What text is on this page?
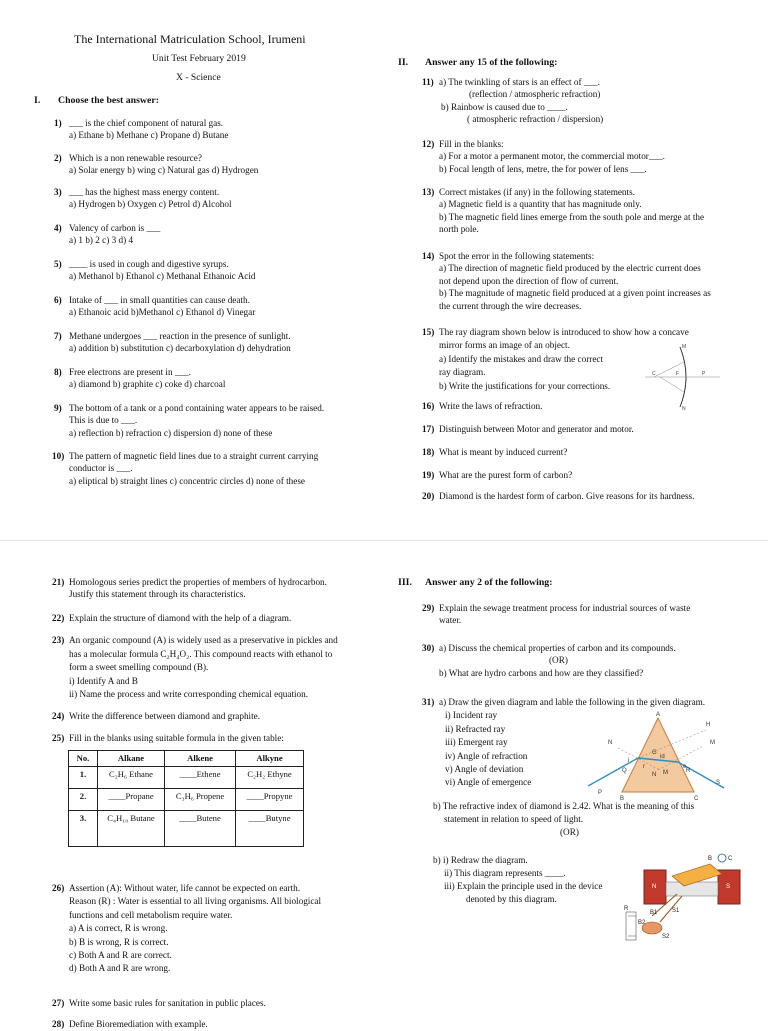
The International Matriculation School, Irumeni
Unit Test February 2019
X - Science
I. Choose the best answer:
1) ___ is the chief component of natural gas.
a) Ethane b) Methane c) Propane d) Butane
2) Which is a non renewable resource?
a) Solar energy b) wing c) Natural gas d) Hydrogen
3) ___ has the highest mass energy content.
a) Hydrogen b) Oxygen c) Petrol d) Alcohol
4) Valency of carbon is ___
a) 1 b) 2 c) 3 d) 4
5) ____ is used in cough and digestive syrups.
a) Methanol b) Ethanol c) Methanal Ethanoic Acid
6) Intake of ___ in small quantities can cause death.
a) Ethanoic acid b)Methanol c) Ethanol d) Vinegar
7) Methane undergoes ___ reaction in the presence of sunlight.
a) addition b) substitution c) decarboxylation d) dehydration
8) Free electrons are present in ___.
a) diamond b) graphite c) coke d) charcoal
9) The bottom of a tank or a pond containing water appears to be raised.
This is due to ___.
a) reflection b) refraction c) dispersion d) none of these
10) The pattern of magnetic field lines due to a straight current carrying
conductor is ___.
a) eliptical b) straight lines c) concentric circles d) none of these
II. Answer any 15 of the following:
11) a) The twinkling of stars is an effect of ___.
(reflection / atmospheric refraction)
b) Rainbow is caused due to ____.
( atmospheric refraction / dispersion)
12) Fill in the blanks:
a) For a motor a permanent motor, the commercial motor___.
b) Focal length of lens, metre, the for power of lens ___.
13) Correct mistakes (if any) in the following statements.
a) Magnetic field is a quantity that has magnitude only.
b) The magnetic field lines emerge from the south pole and merge at the
north pole.
14) Spot the error in the following statements:
a) The direction of magnetic field produced by the electric current does
not depend upon the direction of flow of current.
b) The magnitude of magnetic field produced at a given point increases as
the current through the wire decreases.
15) The ray diagram shown below is introduced to show how a concave
mirror forms an image of an object.
a) Identify the mistakes and draw the correct
ray diagram.
b) Write the justifications for your corrections.
16) Write the laws of refraction.
17) Distinguish between Motor and generator and motor.
18) What is meant by induced current?
19) What are the purest form of carbon?
20) Diamond is the hardest form of carbon. Give reasons for its hardness.
M
N
C	F	P
21) Homologous series predict the properties of members of hydrocarbon.
Justify this statement through its characteristics.
22) Explain the structure of diamond with the help of a diagram.
23) An organic compound (A) is widely used as a preservative in pickles and
has a molecular formula C₂H₄O₂. This compound reacts with ethanol to
form a sweet smelling compound (B).
i) Identify A and B
ii) Name the process and write corresponding chemical equation.
24) Write the difference between diamond and graphite.
25) Fill in the blanks using suitable formula in the given table:
26) Assertion (A): Without water, life cannot be expected on earth.
Reason (R) : Water is essential to all living organisms. All biological
functions and cell metabolism require water.
a) A is correct, R is wrong.
b) B is wrong, R is correct.
c) Both A and R are correct.
d) Both A and R are wrong.
27) Write some basic rules for sanitation in public places.
28) Define Bioremediation with example.
No.	Alkane	Alkene	Alkyne
1.	C₂H₆ Ethane	____Ethene	C₂H₂ Ethyne
2.	____Propane	C₃H₆ Propene	____Propyne
3.	C₄H₁₀ Butane	____Butene	____Butyne
III. Answer any 2 of the following:
29) Explain the sewage treatment process for industrial sources of waste
water.
30) a) Discuss the chemical properties of carbon and its compounds.
(OR)
b) What are hydro carbons and how are they classified?
31) a) Draw the given diagram and lable the following in the given diagram.
i) Incident ray
ii) Refracted ray
iii) Emergent ray
iv) Angle of refraction
v) Angle of deviation
vi) Angle of emergence
b) The refractive index of diamond is 2.42. What is the meaning of this
statement in relation to speed of light.
(OR)
b) i) Redraw the diagram.
ii) This diagram represents ____.
iii) Explain the principle used in the device
denoted by this diagram.
A
H
N	M
G
id
i
r	e
N M
P
Q	R
S
B	C
N	S
B	C
R
B1
B2
S1
S2
